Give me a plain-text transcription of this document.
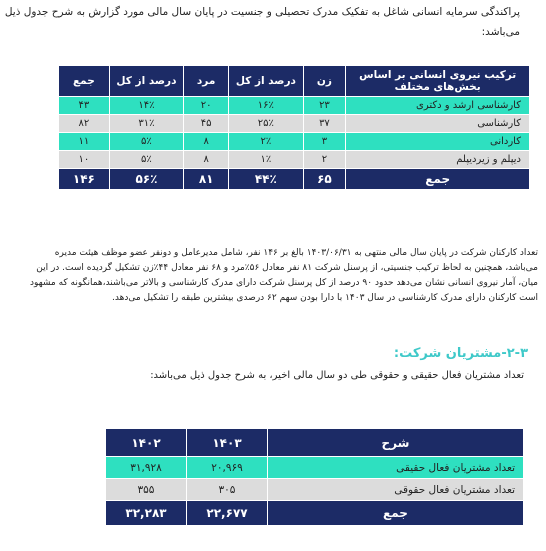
پراکندگی سرمایه انسانی شاغل به تفکیک مدرک تحصیلی و جنسیت در پایان سال مالی مورد گزارش به شرح جدول ذیل
می‌باشد:
ترکیب نیروی انسانی بر اساس بخش‌های مختلف	زن	درصد از کل	مرد	درصد از کل	جمع
کارشناسی ارشد و دکتری	۲۳	۱۶٪	۲۰	۱۴٪	۴۳
کارشناسی	۳۷	۲۵٪	۴۵	۳۱٪	۸۲
کاردانی	۳	۲٪	۸	۵٪	۱۱
دیپلم و زیردیپلم	۲	۱٪	۸	۵٪	۱۰
جمع	۶۵	۴۴٪	۸۱	۵۶٪	۱۴۶
تعداد کارکنان شرکت در پایان سال مالی منتهی به ۱۴۰۳/۰۶/۳۱ بالغ بر ۱۴۶ نفر، شامل مدیرعامل و دونفر عضو موظف هیئت مدیره
می‌باشد، همچنین به لحاظ ترکیب جنسیتی، از پرسنل شرکت ۸۱ نفر معادل ۵۶٪مرد و ۶۸ نفر معادل ۴۴٪زن تشکیل گردیده است. در این
میان، آمار نیروی انسانی نشان می‌دهد حدود ۹۰ درصد از کل پرسنل شرکت دارای مدرک کارشناسی و بالاتر می‌باشند،همانگونه که مشهود
است کارکنان دارای مدرک کارشناسی در سال ۱۴۰۳ با دارا بودن سهم ۶۲ درصدی بیشترین طبقه را تشکیل می‌دهد.
۲-۳-مشتریان شرکت:
تعداد مشتریان فعال حقیقی و حقوقی طی دو سال مالی اخیر، به شرح جدول ذیل می‌باشد:
شرح	۱۴۰۳	۱۴۰۲
تعداد مشتریان فعال حقیقی	۲۰,۹۶۹	۳۱,۹۲۸
تعداد مشتریان فعال حقوقی	۳۰۵	۳۵۵
جمع	۲۲,۶۷۷	۳۲,۲۸۳
